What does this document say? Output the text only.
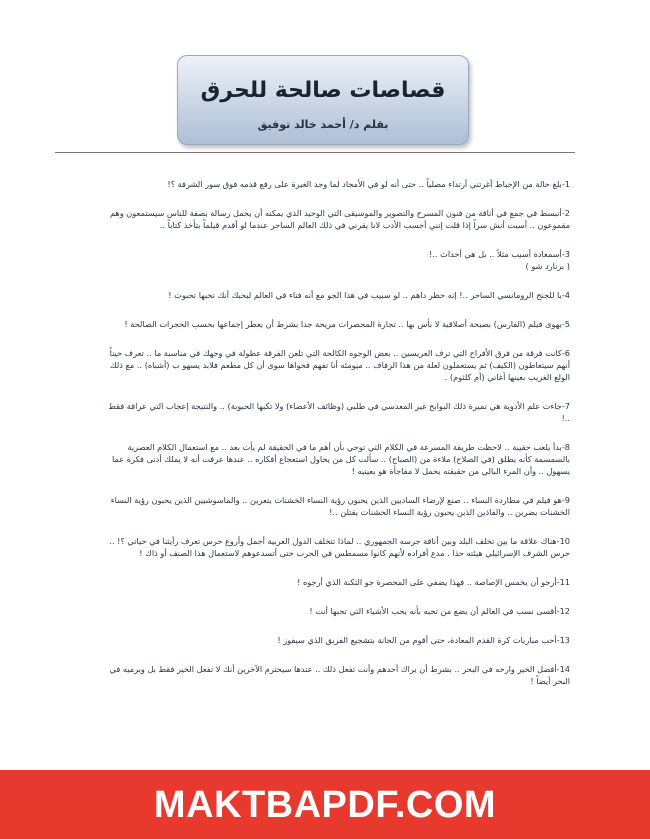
قصاصات صالحة للحرق
بقلم د/ أحمد خالد توفيق

1-بلغ حالة من الإحباط أغرتني أرتداء مصلياً .. حتى أنه لو في الأمجاد لما وجد الغيرة على رفع قدمه فوق سور الشرفة ؟!

2-أنبسط في جمع في أناقة من فنون المسرح والتصوير والموسيقى التي الوحيد الذي يمكنه أن يحمل رسالة بصفة للناس سيستمعون وهم مقموعون .. أسبت أنش سراً إذا قلت إنني أحسب الأدب لانا يقرني في ذلك العالم الساحر عندما لو أقدم قيلماً بتأخذ كتاباً ..

3-أسمعادة أسبب مثلاً .. بل هي أحداث ..!

( برنارد شو )

4-يا للجنح الرومانسي الساحر ..! إنه حظر داهم .. لو سبيب في هذا الجو مع أنه فناء في العالم ليحبك أنك تحبها تحبوت !

5-يهوى فيلم (الفارس) بصبحة أصلاقية لا بأس بها .. تجارة المحصرات مريحة جدا بشرط أن يعطر إجماعها بحسب الحجرات الصالحة !

6-كانت فرقة من فرق الأفراح التي ترف العريسين .. بعض الوجوه الكالحة التي تلعن الفرقة عطولة في وجهك في مناسبة ما .. تعرف حيناً أنهم سيتعاطون (الكيف) ثم يستعملون لعلة من هذا الزفاف .. ميومئه أنا تفهم فحواها سوى أن كل مطعم فلابد يسهو ب (أشباه) .. مع ذلك الولع الغريب بعينها أغاني (أم كلثوم) .

7-جاءت علم الأدوية هي تميرة ذلك البوابح غير المعدسي في طلبي (وظائف الأعضاء) ولا تكبها الحبوبة) .. والنتيجة إعجاب التي عرافة فقط ..!

8-بدأ يلعب حقيبة .. لاحظت طريقة المسرعة في الكلام التي توحي بأن أهم ما في الحقيقة لم يأت بعد .. مع استعمال الكلام العصرية بالسمسمة كأنه يطلق (في الصلاح) ملاءة من (الصباح) .. سألت كل من يحاول استعجاع أفكاره .. عندها عرفت أنه لا يملك أدنى فكرة عما يسهول .. وأن المرء البالي من حقيقته يحمل لا مفاجأة هو بعينيه !

9-هو فيلم في مطاردة النساء .. صنع لإرضاء الساديين الذين يحبون رؤية النساء الخشنات يتعرين .. والماسوشيين الذين يحبون رؤية النساء الخشنات يضربن .. والفاذين الذين يحبون رؤية النساء الخشنات يقتلن ..!

10-هناك علاقة ما بين تخلف البلد وبين أناقة جرسه الجمهوري .. لماذا تتخلف الدول العربية أجمل وأروع حرس تعرف رأيتنا في حياتي ؟! .. حرس الشرف الإسرائيلي هيئته حذا . مدع أفراده لأنهم كانوا مسمطس في الحرب حتى أتسدعوهم لاستعمال هذا الصنف أو ذاك !

11-أرجو أن يخمس الإصاصة .. فهذا يضفي على المحصرة جو الثكنة الذي أرجوه !

12-أقسى نسب في العالم أن يضع من تحبه بأنه يحب الأشياء التي تحبها أنت !

13-أحب مباريات كرة القدم المعادة، حتى أقوم من الحانة بتشجيع الفريق الذي سيفوز !

14-أفضل الخير وارحه في البحر .. بشرط أن يراك أحدهم وأنت تفعل ذلك .. عندها سيحترم الآخرين أنك لا تفعل الخير فقط بل وبرميه في البحر أيضاً !

MAKTBAPDF.COM
